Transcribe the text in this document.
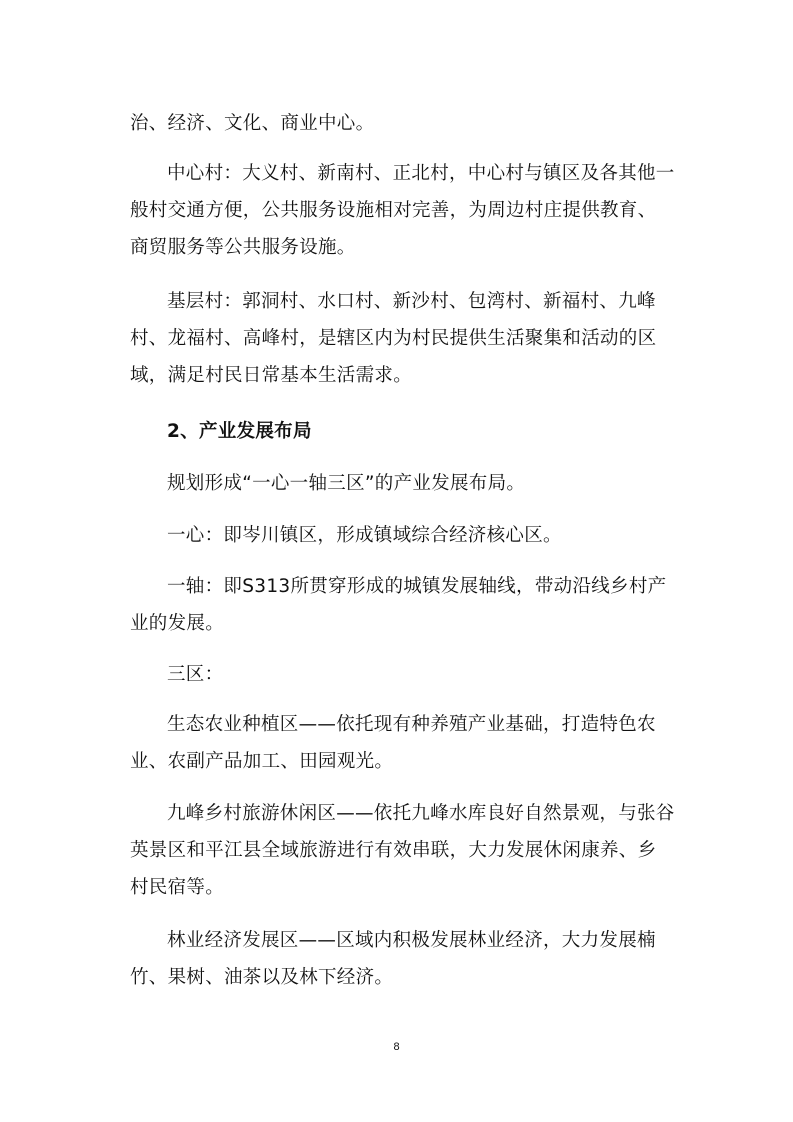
治、经济、文化、商业中心。

中心村：大义村、新南村、正北村，中心村与镇区及各其他一般村交通方便，公共服务设施相对完善，为周边村庄提供教育、商贸服务等公共服务设施。

基层村：郭洞村、水口村、新沙村、包湾村、新福村、九峰村、龙福村、高峰村，是辖区内为村民提供生活聚集和活动的区域，满足村民日常基本生活需求。

2、产业发展布局

规划形成“一心一轴三区”的产业发展布局。

一心：即岑川镇区，形成镇域综合经济核心区。

一轴：即S313所贯穿形成的城镇发展轴线，带动沿线乡村产业的发展。

三区：

生态农业种植区——依托现有种养殖产业基础，打造特色农业、农副产品加工、田园观光。

九峰乡村旅游休闲区——依托九峰水库良好自然景观，与张谷英景区和平江县全域旅游进行有效串联，大力发展休闲康养、乡村民宿等。

林业经济发展区——区域内积极发展林业经济，大力发展楠竹、果树、油茶以及林下经济。

8
